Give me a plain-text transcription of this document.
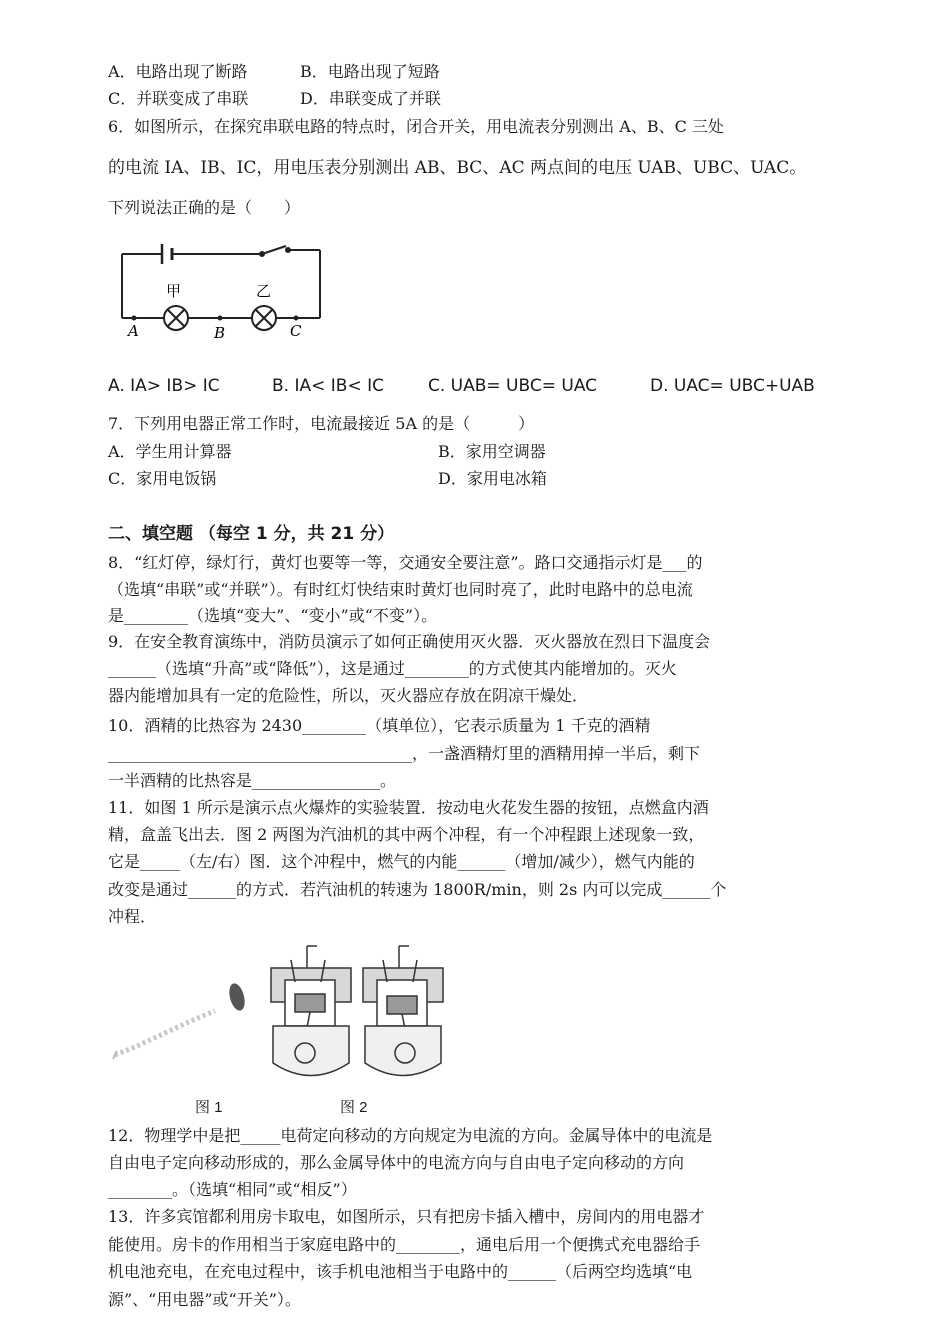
A．电路出现了断路	B．电路出现了短路
C．并联变成了串联	D．串联变成了并联
6．如图所示，在探究串联电路的特点时，闭合开关，用电流表分别测出 A、B、C 三处
的电流 IA、IB、IC，用电压表分别测出 AB、BC、AC 两点间的电压 UAB、UBC、UAC。
下列说法正确的是（　　）
甲	乙
A	B	C
A. IA> IB> IC	B. IA< IB< IC	C. UAB= UBC= UAC	D. UAC= UBC+UAB
7．下列用电器正常工作时，电流最接近 5A 的是（　　　）
A．学生用计算器	B．家用空调器
C．家用电饭锅	D．家用电冰箱
二、填空题 （每空 1 分，共 21 分）
8．“红灯停，绿灯行，黄灯也要等一等，交通安全要注意”。路口交通指示灯是___的
（选填“串联”或“并联”）。有时红灯快结束时黄灯也同时亮了，此时电路中的总电流
是________（选填“变大”、“变小”或“不变”）。
9．在安全教育演练中，消防员演示了如何正确使用灭火器．灭火器放在烈日下温度会
______（选填“升高”或“降低”），这是通过________的方式使其内能增加的。灭火
器内能增加具有一定的危险性，所以，灭火器应存放在阴凉干燥处．
10．酒精的比热容为 2430________（填单位），它表示质量为 1 千克的酒精
______________________________________，一盏酒精灯里的酒精用掉一半后，剩下
一半酒精的比热容是________________。
11．如图 1 所示是演示点火爆炸的实验装置．按动电火花发生器的按钮，点燃盒内酒
精，盒盖飞出去．图 2 两图为汽油机的其中两个冲程，有一个冲程跟上述现象一致，
它是_____（左/右）图．这个冲程中，燃气的内能______（增加/减少），燃气内能的
改变是通过______的方式．若汽油机的转速为 1800R/min，则 2s 内可以完成______个
冲程．
图 1	图 2
12．物理学中是把_____电荷定向移动的方向规定为电流的方向。金属导体中的电流是
自由电子定向移动形成的，那么金属导体中的电流方向与自由电子定向移动的方向
________。（选填“相同”或“相反”）
13．许多宾馆都利用房卡取电，如图所示，只有把房卡插入槽中，房间内的用电器才
能使用。房卡的作用相当于家庭电路中的________，通电后用一个便携式充电器给手
机电池充电，在充电过程中，该手机电池相当于电路中的______（后两空均选填“电
源”、“用电器”或“开关”）。
